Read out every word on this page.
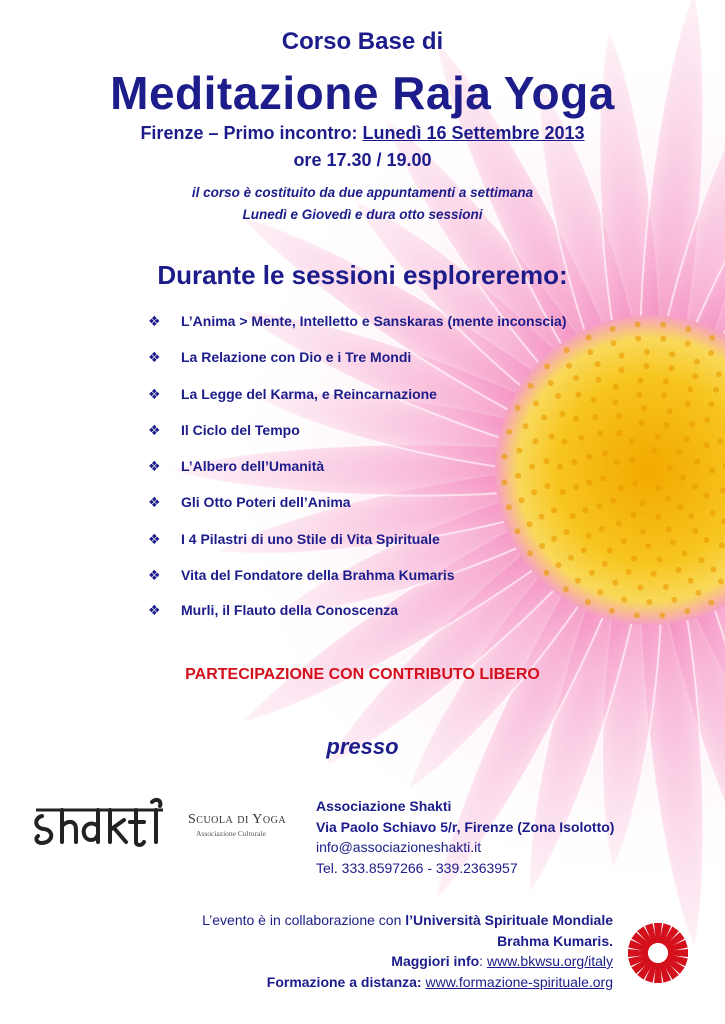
Corso Base di
Meditazione Raja Yoga
Firenze – Primo incontro: Lunedì 16 Settembre 2013
ore 17.30 / 19.00
il corso è costituito da due appuntamenti a settimana
Lunedì e Giovedì e dura otto sessioni
Durante le sessioni esploreremo:
❖ L’Anima > Mente, Intelletto e Sanskaras (mente inconscia)
❖ La Relazione con Dio e i Tre Mondi
❖ La Legge del Karma, e Reincarnazione
❖ Il Ciclo del Tempo
❖ L’Albero dell’Umanità
❖ Gli Otto Poteri dell’Anima
❖ I 4 Pilastri di uno Stile di Vita Spirituale
❖ Vita del Fondatore della Brahma Kumaris
❖ Murli, il Flauto della Conoscenza
PARTECIPAZIONE CON CONTRIBUTO LIBERO
presso
Scuola di Yoga
Associazione Culturale
Associazione Shakti
Via Paolo Schiavo 5/r, Firenze (Zona Isolotto)
info@associazioneshakti.it
Tel. 333.8597266 - 339.2363957
L’evento è in collaborazione con l’Università Spirituale Mondiale
Brahma Kumaris.
Maggiori info: www.bkwsu.org/italy
Formazione a distanza: www.formazione-spirituale.org
